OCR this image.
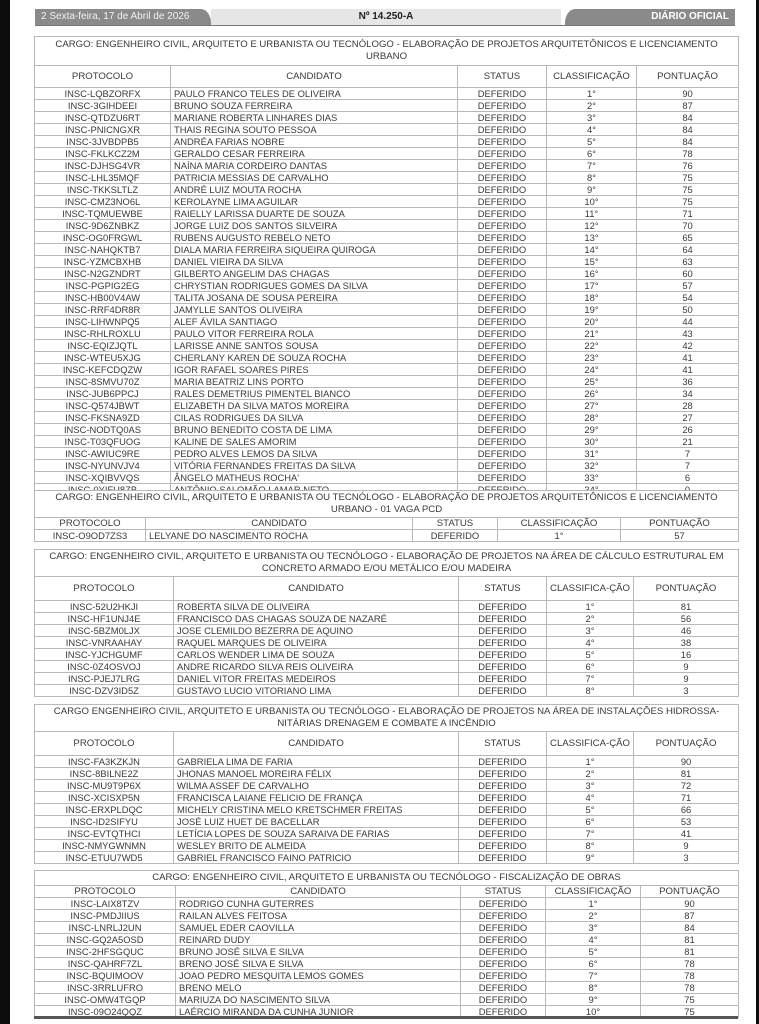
2 Sexta-feira, 17 de Abril de 2026	Nº 14.250-A	DIÁRIO OFICIAL
CARGO: ENGENHEIRO CIVIL, ARQUITETO E URBANISTA OU TECNÓLOGO - ELABORAÇÃO DE PROJETOS ARQUITETÔNICOS E LICENCIAMENTO URBANO				
PROTOCOLO	CANDIDATO	STATUS	CLASSIFICAÇÃO	PONTUAÇÃO
INSC-LQBZORFX	PAULO FRANCO TELES DE OLIVEIRA	DEFERIDO	1°	90
INSC-3GIHDEEI	BRUNO SOUZA FERREIRA	DEFERIDO	2°	87
INSC-QTDZU6RT	MARIANE ROBERTA LINHARES DIAS	DEFERIDO	3°	84
INSC-PNICNGXR	THAIS REGINA SOUTO PESSOA	DEFERIDO	4°	84
INSC-3JVBDPB5	ANDRÉA FARIAS NOBRE	DEFERIDO	5°	84
INSC-FKLKCZ2M	GERALDO CESAR FERREIRA	DEFERIDO	6°	78
INSC-DJHSG4VR	NAÍNA MARIA CORDEIRO DANTAS	DEFERIDO	7°	76
INSC-LHL35MQF	PATRICIA MESSIAS DE CARVALHO	DEFERIDO	8°	75
INSC-TKKSLTLZ	ANDRÉ LUIZ MOUTA ROCHA	DEFERIDO	9°	75
INSC-CMZ3NO6L	KEROLAYNE LIMA AGUILAR	DEFERIDO	10°	75
INSC-TQMUEWBE	RAIELLY LARISSA DUARTE DE SOUZA	DEFERIDO	11°	71
INSC-9D6ZNBKZ	JORGE LUIZ DOS SANTOS SILVEIRA	DEFERIDO	12°	70
INSC-OG0FRGWL	RUBENS AUGUSTO REBELO NETO	DEFERIDO	13°	65
INSC-NAHQKTB7	DIALA MARIA FERREIRA SIQUEIRA QUIROGA	DEFERIDO	14°	64
INSC-YZMCBXHB	DANIEL VIEIRA DA SILVA	DEFERIDO	15°	63
INSC-N2GZNDRT	GILBERTO ANGELIM DAS CHAGAS	DEFERIDO	16°	60
INSC-PGPIG2EG	CHRYSTIAN RODRIGUES GOMES DA SILVA	DEFERIDO	17°	57
INSC-HB00V4AW	TALITA JOSANA DE SOUSA PEREIRA	DEFERIDO	18°	54
INSC-RRF4DR8R	JAMYLLE SANTOS OLIVEIRA	DEFERIDO	19°	50
INSC-LIHWNPQ5	ALEF ÁVILA SANTIAGO	DEFERIDO	20°	44
INSC-RHLROXLU	PAULO VITOR FERREIRA ROLA	DEFERIDO	21°	43
INSC-EQIZJQTL	LARISSE ANNE SANTOS SOUSA	DEFERIDO	22°	42
INSC-WTEU5XJG	CHERLANY KAREN DE SOUZA ROCHA	DEFERIDO	23°	41
INSC-KEFCDQZW	IGOR RAFAEL SOARES PIRES	DEFERIDO	24°	41
INSC-8SMVU70Z	MARIA BEATRIZ LINS PORTO	DEFERIDO	25°	36
INSC-JUB6PPCJ	RALES DEMETRIUS PIMENTEL BIANCO	DEFERIDO	26°	34
INSC-Q574JBWT	ELIZABETH DA SILVA MATOS MOREIRA	DEFERIDO	27°	28
INSC-FKSNA9ZD	CILAS RODRIGUES DA SILVA	DEFERIDO	28°	27
INSC-NODTQ0AS	BRUNO BENEDITO COSTA DE LIMA	DEFERIDO	29°	26
INSC-T03QFUOG	KALINE DE SALES AMORIM	DEFERIDO	30°	21
INSC-AWIUC9RE	PEDRO ALVES LEMOS DA SILVA	DEFERIDO	31°	7
INSC-NYUNVJV4	VITÓRIA FERNANDES FREITAS DA SILVA	DEFERIDO	32°	7
INSC-XQIBVVQS	ÂNGELO MATHEUS ROCHA'	DEFERIDO	33°	6

CARGO: ENGENHEIRO CIVIL, ARQUITETO E URBANISTA OU TECNÓLOGO - ELABORAÇÃO DE PROJETOS ARQUITETÔNICOS E LICENCIAMENTO URBANO - 01 VAGA PCD				
PROTOCOLO	CANDIDATO	STATUS	CLASSIFICAÇÃO	PONTUAÇÃO
INSC-O9OD7ZS3	LELYANE DO NASCIMENTO ROCHA	DEFERIDO	1°	57
CARGO: ENGENHEIRO CIVIL, ARQUITETO E URBANISTA OU TECNÓLOGO - ELABORAÇÃO DE PROJETOS NA ÁREA DE CÁLCULO ESTRUTURAL EM CONCRETO ARMADO E/OU METÁLICO E/OU MADEIRA				
PROTOCOLO	CANDIDATO	STATUS	CLASSIFICA-ÇÃO	PONTUAÇÃO
INSC-52U2HKJI	ROBERTA SILVA DE OLIVEIRA	DEFERIDO	1°	81
INSC-HF1UNJ4E	FRANCISCO DAS CHAGAS SOUZA DE NAZARÉ	DEFERIDO	2°	56
INSC-5BZM0LJX	JOSE CLEMILDO BEZERRA DE AQUINO	DEFERIDO	3°	46
INSC-VNRAAHAY	RAQUEL MARQUES DE OLIVEIRA	DEFERIDO	4°	38
INSC-YJCHGUMF	CARLOS WENDER LIMA DE SOUZA	DEFERIDO	5°	16
INSC-0Z4OSVOJ	ANDRE RICARDO SILVA REIS OLIVEIRA	DEFERIDO	6°	9
INSC-PJEJ7LRG	DANIEL VITOR FREITAS MEDEIROS	DEFERIDO	7°	9
INSC-DZV3ID5Z	GUSTAVO LUCIO VITORIANO LIMA	DEFERIDO	8°	3
CARGO ENGENHEIRO CIVIL, ARQUITETO E URBANISTA OU TECNÓLOGO - ELABORAÇÃO DE PROJETOS NA ÁREA DE INSTALAÇÕES HIDROSSA-NITÁRIAS DRENAGEM E COMBATE A INCÊNDIO				
PROTOCOLO	CANDIDATO	STATUS	CLASSIFICA-ÇÃO	PONTUAÇÃO
INSC-FA3KZKJN	GABRIELA LIMA DE FARIA	DEFERIDO	1°	90
INSC-8BILNE2Z	JHONAS MANOEL MOREIRA FÉLIX	DEFERIDO	2°	81
INSC-MU9T9P6X	WILMA ASSEF DE CARVALHO	DEFERIDO	3°	72
INSC-XCISXP5N	FRANCISCA LAIANE FELICIO DE FRANÇA	DEFERIDO	4°	71
INSC-ERXPLDQC	MICHELY CRISTINA MELO KRETSCHMER FREITAS	DEFERIDO	5°	66
INSC-ID2SIFYU	JOSÉ LUIZ HUET DE BACELLAR	DEFERIDO	6°	53
INSC-EVTQTHCI	LETÍCIA LOPES DE SOUZA SARAIVA DE FARIAS	DEFERIDO	7°	41
INSC-NMYGWNMN	WESLEY BRITO DE ALMEIDA	DEFERIDO	8°	9
INSC-ETUU7WD5	GABRIEL FRANCISCO FAINO PATRICIO	DEFERIDO	9°	3
CARGO: ENGENHEIRO CIVIL, ARQUITETO E URBANISTA OU TECNÓLOGO - FISCALIZAÇÃO DE OBRAS				
PROTOCOLO	CANDIDATO	STATUS	CLASSIFICAÇÃO	PONTUAÇÃO
INSC-LAIX8TZV	RODRIGO CUNHA GUTERRES	DEFERIDO	1°	90
INSC-PMDJIIUS	RAILAN ALVES FEITOSA	DEFERIDO	2°	87
INSC-LNRLJ2UN	SAMUEL EDER CAOVILLA	DEFERIDO	3°	84
INSC-GQ2A5OSD	REINARD DUDY	DEFERIDO	4°	81
INSC-2HFSGQUC	BRUNO JOSÉ SILVA E SILVA	DEFERIDO	5°	81
INSC-QAHRF7ZL	BRENO JOSÉ SILVA E SILVA	DEFERIDO	6°	78
INSC-BQUIMOOV	JOAO PEDRO MESQUITA LEMOS GOMES	DEFERIDO	7°	78
INSC-3RRLUFRO	BRENO MELO	DEFERIDO	8°	78
INSC-OMW4TGQP	MARIUZA DO NASCIMENTO SILVA	DEFERIDO	9°	75
INSC-09O24QQZ	LAÉRCIO MIRANDA DA CUNHA JUNIOR	DEFERIDO	10°	75
